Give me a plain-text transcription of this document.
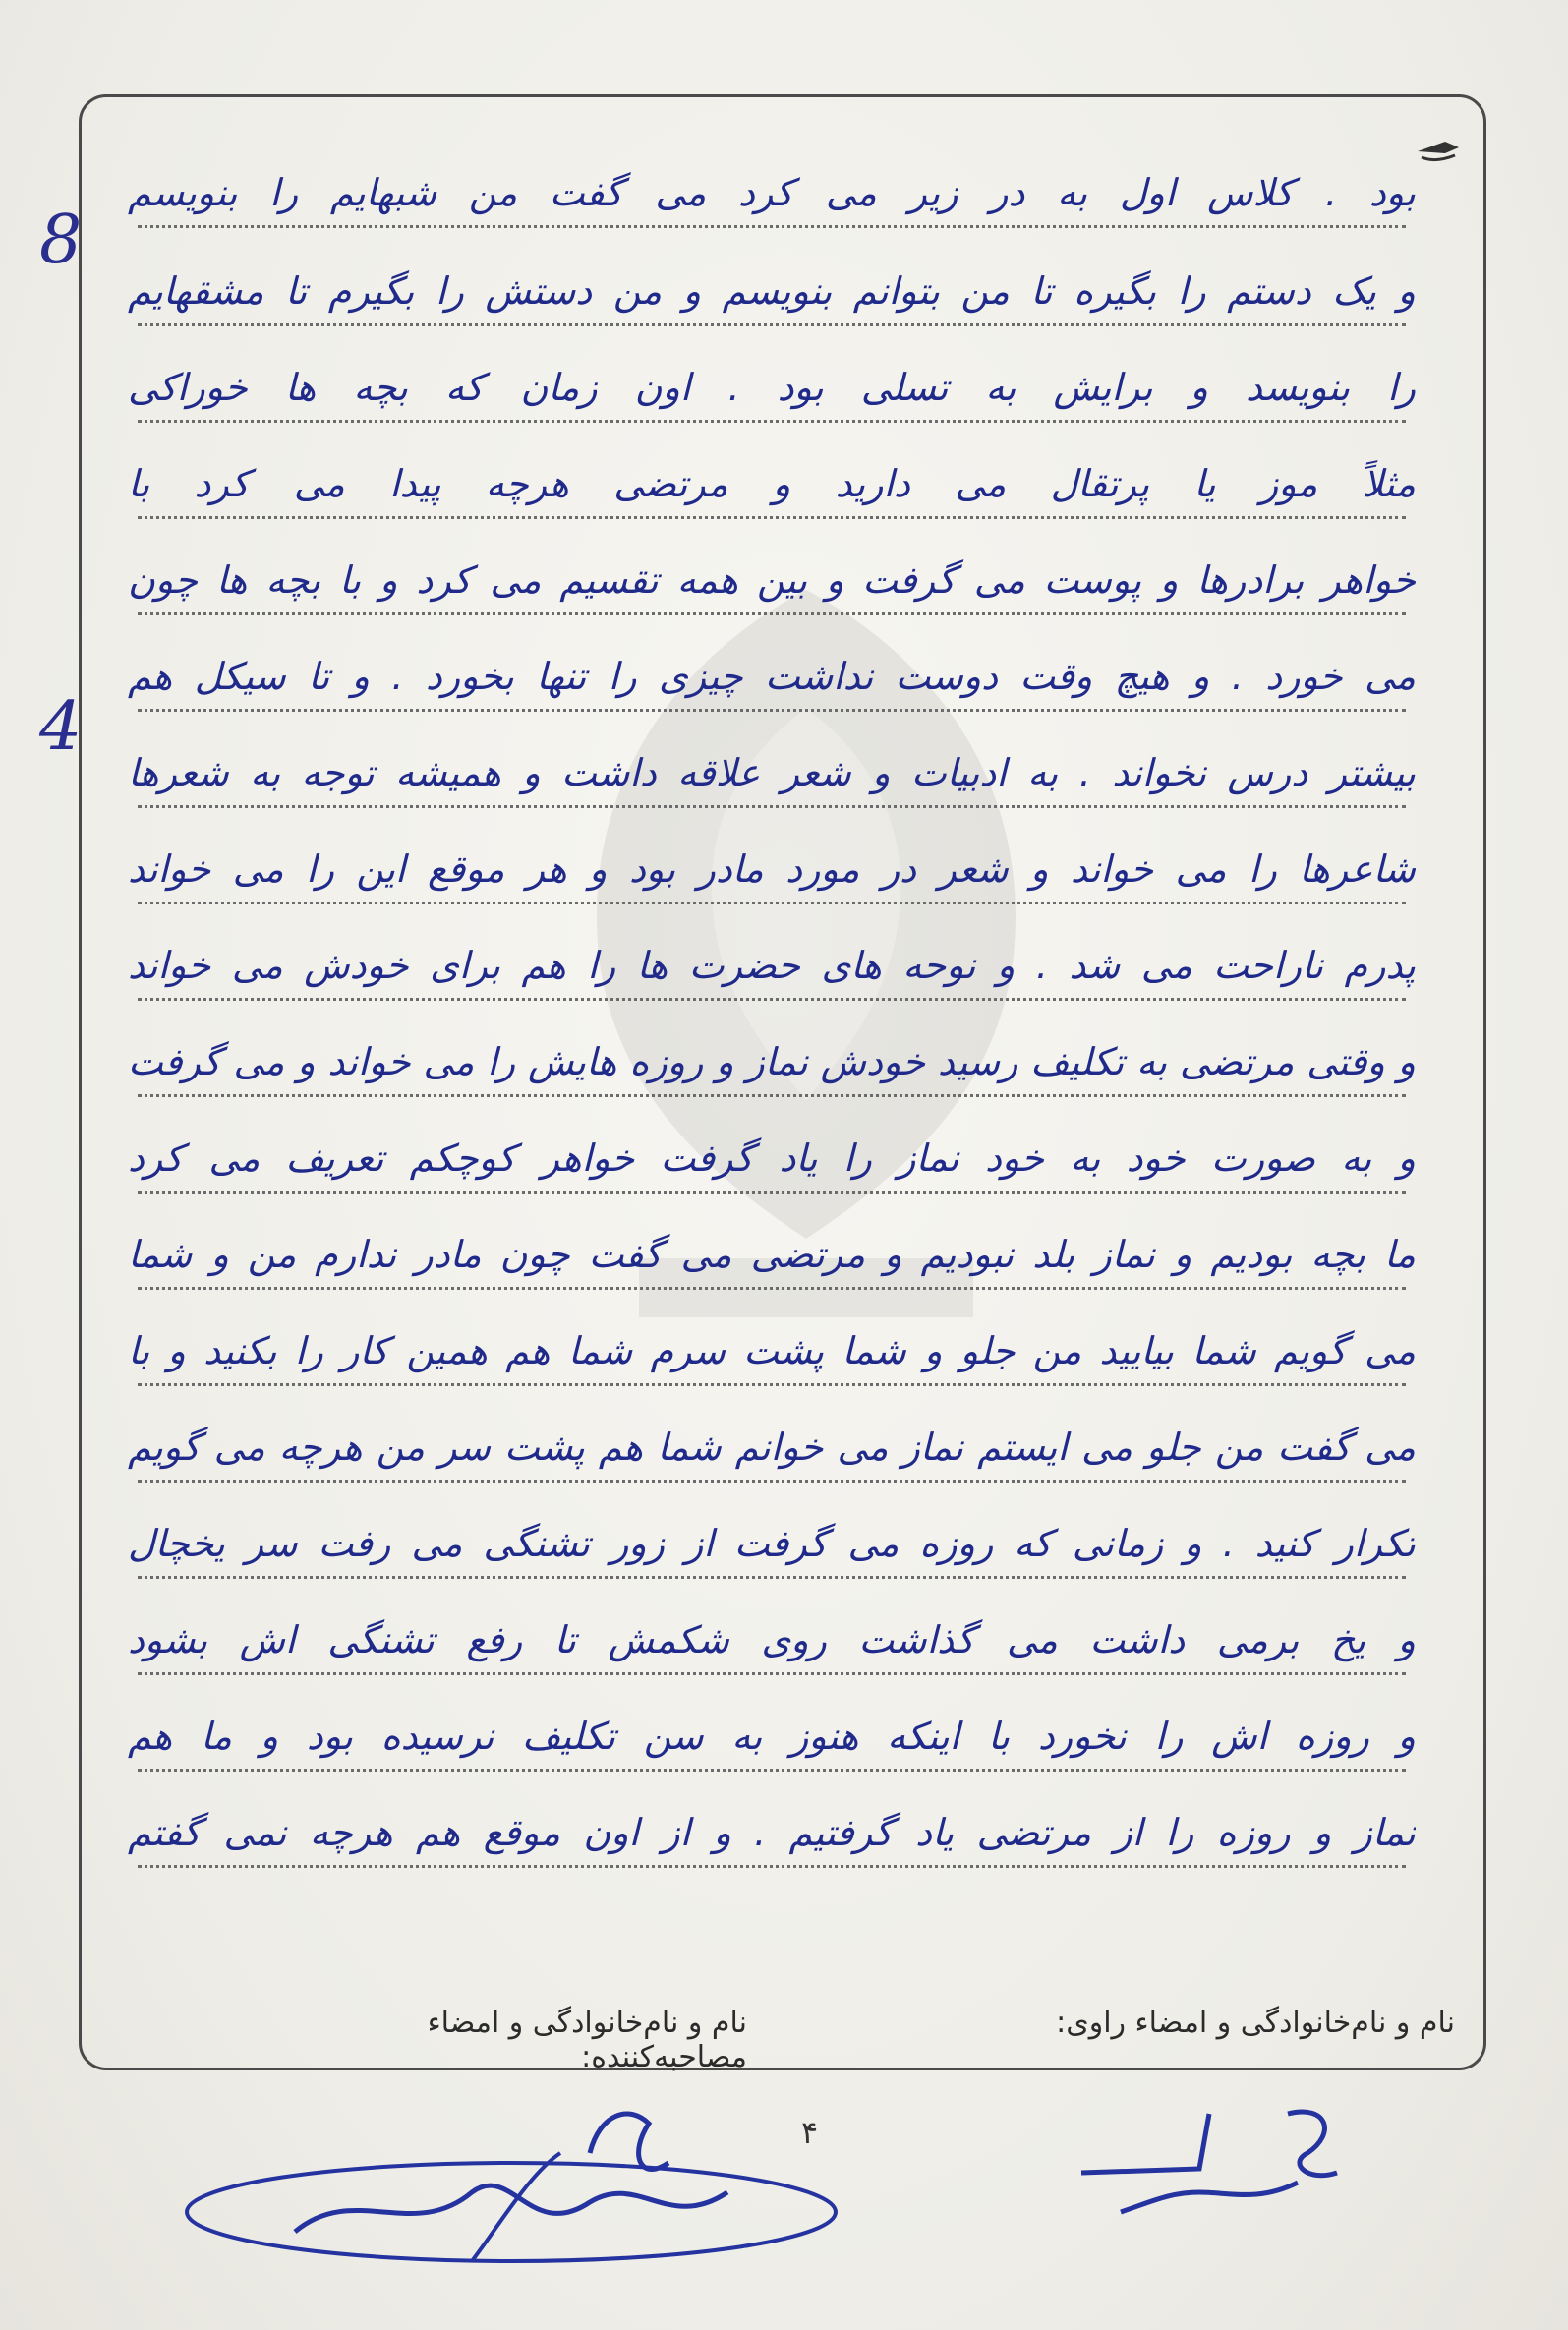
بود . کلاس اول به در زیر می کرد می گفت من شبهایم را بنویسم
و یک دستم را بگیره تا من بتوانم بنویسم و من دستش را بگیرم تا مشقهایم
را بنویسد و برایش به تسلی بود . اون زمان که بچه ها خوراکی
مثلاً موز یا پرتقال می دارید و مرتضی هرچه پیدا می کرد با
خواهر برادرها و پوست می گرفت و بین همه تقسیم می کرد و با بچه ها چون
می خورد . و هیچ وقت دوست نداشت چیزی را تنها بخورد . و تا سیکل هم
بیشتر درس نخواند . به ادبیات و شعر علاقه داشت و همیشه توجه به شعرها
شاعرها را می خواند و شعر در مورد مادر بود و هر موقع این را می خواند
پدرم ناراحت می شد . و نوحه های حضرت ها را هم برای خودش می خواند
و وقتی مرتضی به تکلیف رسید خودش نماز و روزه هایش را می خواند و می گرفت
و به صورت خود به خود نماز را یاد گرفت خواهر کوچکم تعریف می کرد
ما بچه بودیم و نماز بلد نبودیم و مرتضی می گفت چون مادر ندارم من و شما
می گویم شما بیایید من جلو و شما پشت سرم شما هم همین کار را بکنید و با
می گفت من جلو می ایستم نماز می خوانم شما هم پشت سر من هرچه می گویم
تکرار کنید . و زمانی که روزه می گرفت از زور تشنگی می رفت سر یخچال
و یخ برمی داشت می گذاشت روی شکمش تا رفع تشنگی اش بشود
و روزه اش را نخورد با اینکه هنوز به سن تکلیف نرسیده بود و ما هم
نماز و روزه را از مرتضی یاد گرفتیم . و از اون موقع هم هرچه نمی گفتم
8
4
نام و نام‌خانوادگی و امضاء راوی:
نام و نام‌خانوادگی و امضاء مصاحبه‌کننده:
۴
